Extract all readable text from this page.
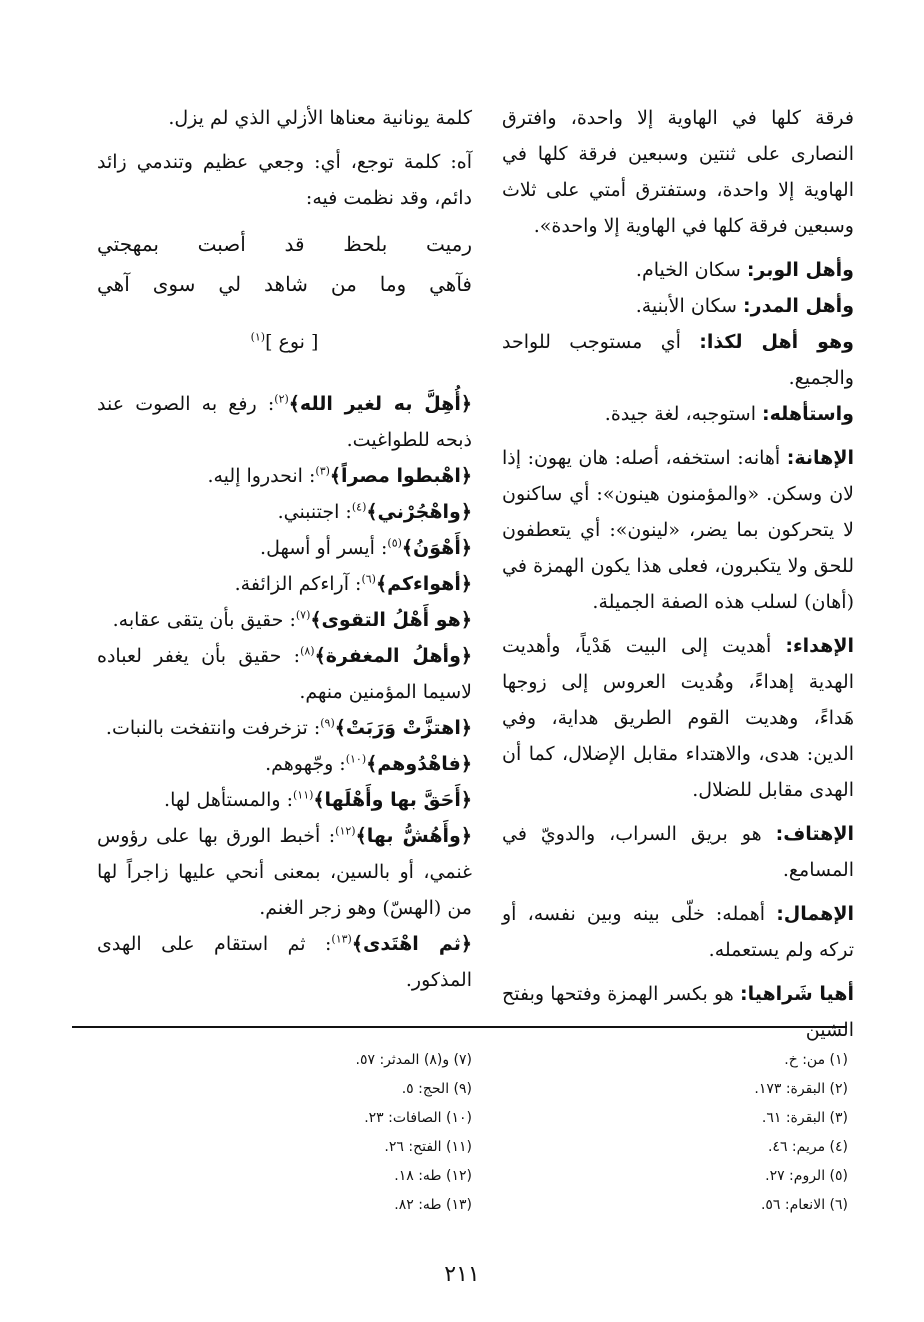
فرقة كلها في الهاوية إلا واحدة، وافترق النصارى على ثنتين وسبعين فرقة كلها في الهاوية إلا واحدة، وستفترق أمتي على ثلاث وسبعين فرقة كلها في الهاوية إلا واحدة».

وأهل الوبر: سكان الخيام.

وأهل المدر: سكان الأبنية.

وهو أهل لكذا: أي مستوجب للواحد والجميع.

واستأهله: استوجبه، لغة جيدة.

الإهانة: أهانه: استخفه، أصله: هان يهون: إذا لان وسكن. «والمؤمنون هينون»: أي ساكنون لا يتحركون بما يضر، «لينون»: أي يتعطفون للحق ولا يتكبرون، فعلى هذا يكون الهمزة في (أهان) لسلب هذه الصفة الجميلة.

الإهداء: أهديت إلى البيت هَدْياً، وأهديت الهدية إهداءً، وهُديت العروس إلى زوجها هَداءً، وهديت القوم الطريق هداية، وفي الدين: هدى، والاهتداء مقابل الإضلال، كما أن الهدى مقابل للضلال.

الإهتاف: هو بريق السراب، والدويّ في المسامع.

الإهمال: أهمله: خلّى بينه وبين نفسه، أو تركه ولم يستعمله.

أهيا شَراهيا: هو بكسر الهمزة وفتحها وبفتح الشين

كلمة يونانية معناها الأزلي الذي لم يزل.

آه: كلمة توجع، أي: وجعي عظيم وتندمي زائد دائم، وقد نظمت فيه:

رميت بلحظ قد أصبت بمهجتي
فآهي وما من شاهد لي سوى آهي

[ نوع ]$^{(١)}$

﴿أُهِلَّ به لغير الله﴾$^{(٢)}$: رفع به الصوت عند ذبحه للطواغيت.

﴿اهْبطوا مصراً﴾$^{(٣)}$: انحدروا إليه.

﴿واهْجُرْني﴾$^{(٤)}$: اجتنبني.

﴿أَهْوَنُ﴾$^{(٥)}$: أيسر أو أسهل.

﴿أهواءكم﴾$^{(٦)}$: آراءكم الزائفة.

﴿هو أَهْلُ التقوى﴾$^{(٧)}$: حقيق بأن يتقى عقابه.

﴿وأهلُ المغفرة﴾$^{(٨)}$: حقيق بأن يغفر لعباده لاسيما المؤمنين منهم.

﴿اهتزَّتْ وَرَبَتْ﴾$^{(٩)}$: تزخرفت وانتفخت بالنبات.

﴿فاهْدُوهم﴾$^{(١٠)}$: وجّهوهم.

﴿أَحَقَّ بها وأَهْلَها﴾$^{(١١)}$: والمستأهل لها.

﴿وأَهُشُّ بها﴾$^{(١٢)}$: أخبط الورق بها على رؤوس غنمي، أو بالسين، بمعنى أنحي عليها زاجراً لها من (الهسّ) وهو زجر الغنم.

﴿ثم اهْتَدى﴾$^{(١٣)}$: ثم استقام على الهدى المذكور.

(١) من: خ.
(٢) البقرة: ١٧٣.
(٣) البقرة: ٦١.
(٤) مريم: ٤٦.
(٥) الروم: ٢٧.
(٦) الانعام: ٥٦.
(٧) و(٨) المدثر: ٥٧.
(٩) الحج: ٥.
(١٠) الصافات: ٢٣.
(١١) الفتح: ٢٦.
(١٢) طه: ١٨.
(١٣) طه: ٨٢.
٢١١
